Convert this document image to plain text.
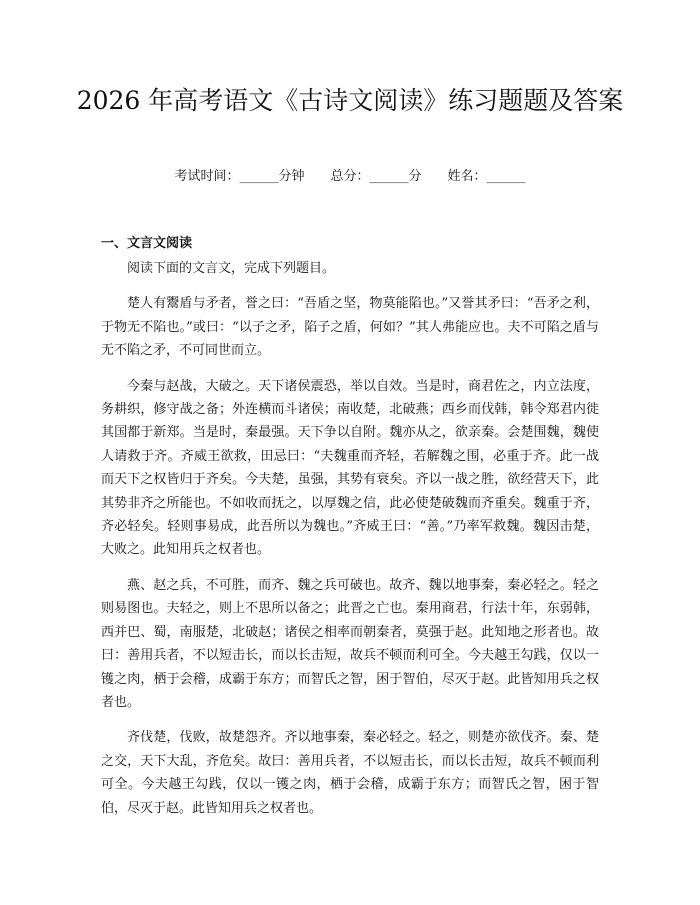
2026 年高考语文《古诗文阅读》练习题题及答案
考试时间：______分钟 总分：______分 姓名：______
一、文言文阅读

阅读下面的文言文，完成下列题目。

楚人有鬻盾与矛者，誉之曰：“吾盾之坚，物莫能陷也。”又誉其矛曰：“吾矛之利，于物无不陷也。”或曰：“以子之矛，陷子之盾，何如？”其人弗能应也。夫不可陷之盾与无不陷之矛，不可同世而立。

今秦与赵战，大破之。天下诸侯震恐，举以自效。当是时，商君佐之，内立法度，务耕织，修守战之备；外连横而斗诸侯；南收楚，北破燕；西乡而伐韩，韩令郑君内徙其国都于新郑。当是时，秦最强。天下争以自附。魏亦从之，欲亲秦。会楚围魏，魏使人请救于齐。齐威王欲救，田忌曰：“夫魏重而齐轻，若解魏之围，必重于齐。此一战而天下之权皆归于齐矣。今夫楚，虽强，其势有衰矣。齐以一战之胜，欲经营天下，此其势非齐之所能也。不如收而抚之，以厚魏之信，此必使楚破魏而齐重矣。魏重于齐，齐必轻矣。轻则事易成，此吾所以为魏也。”齐威王曰：“善。”乃率军救魏。魏因击楚，大败之。此知用兵之权者也。

燕、赵之兵，不可胜，而齐、魏之兵可破也。故齐、魏以地事秦，秦必轻之。轻之则易图也。夫轻之，则上不思所以备之；此晋之亡也。秦用商君，行法十年，东弱韩，西并巴、蜀，南服楚，北破赵；诸侯之相率而朝秦者，莫强于赵。此知地之形者也。故曰：善用兵者，不以短击长，而以长击短，故兵不顿而利可全。今夫越王勾践，仅以一镬之肉，栖于会稽，成霸于东方；而智氏之智，困于智伯，尽灭于赵。此皆知用兵之权者也。

齐伐楚，伐败，故楚怨齐。齐以地事秦，秦必轻之。轻之，则楚亦欲伐齐。秦、楚之交，天下大乱，齐危矣。故曰：善用兵者，不以短击长，而以长击短，故兵不顿而利可全。今夫越王勾践，仅以一镬之肉，栖于会稽，成霸于东方；而智氏之智，困于智伯，尽灭于赵。此皆知用兵之权者也。
